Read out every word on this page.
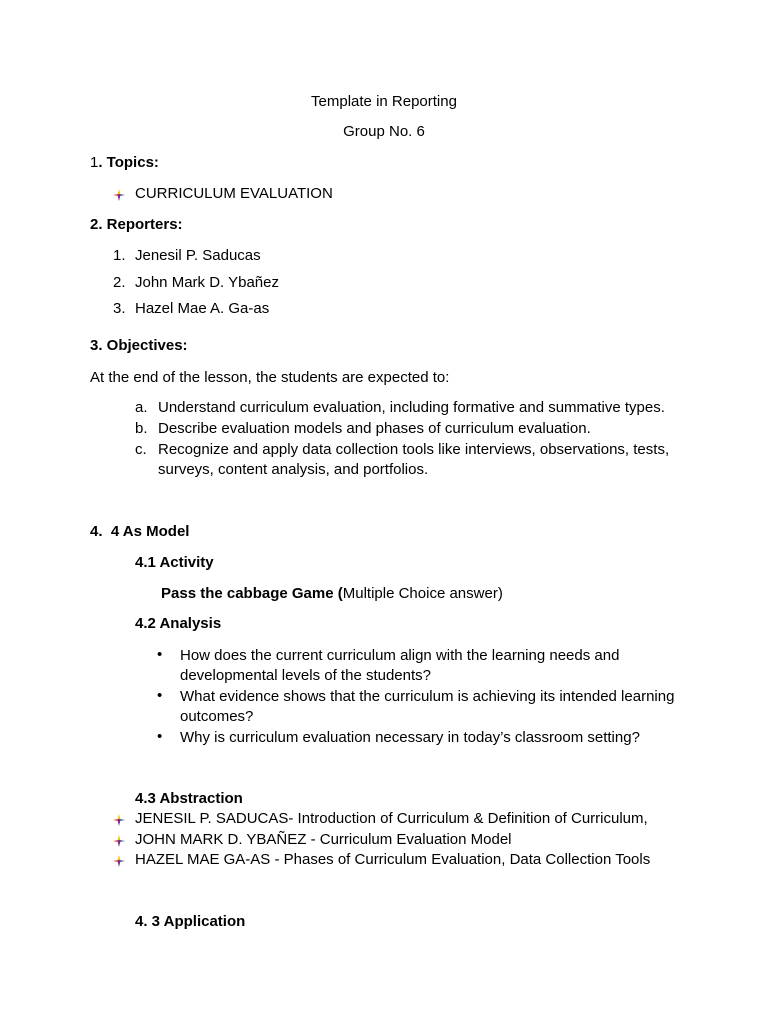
Template in Reporting
Group No. 6
1. Topics:
CURRICULUM EVALUATION
2. Reporters:
1. Jenesil P. Saducas
2. John Mark D. Ybañez
3. Hazel Mae A. Ga-as
3. Objectives:
At the end of the lesson, the students are expected to:
a. Understand curriculum evaluation, including formative and summative types.
b. Describe evaluation models and phases of curriculum evaluation.
c. Recognize and apply data collection tools like interviews, observations, tests,
surveys, content analysis, and portfolios.
4.  4 As Model
4.1 Activity
Pass the cabbage Game (Multiple Choice answer)
4.2 Analysis
• How does the current curriculum align with the learning needs and
developmental levels of the students?
• What evidence shows that the curriculum is achieving its intended learning
outcomes?
• Why is curriculum evaluation necessary in today’s classroom setting?
4.3 Abstraction
JENESIL P. SADUCAS- Introduction of Curriculum & Definition of Curriculum,
JOHN MARK D. YBAÑEZ - Curriculum Evaluation Model
HAZEL MAE GA-AS - Phases of Curriculum Evaluation, Data Collection Tools
4. 3 Application
